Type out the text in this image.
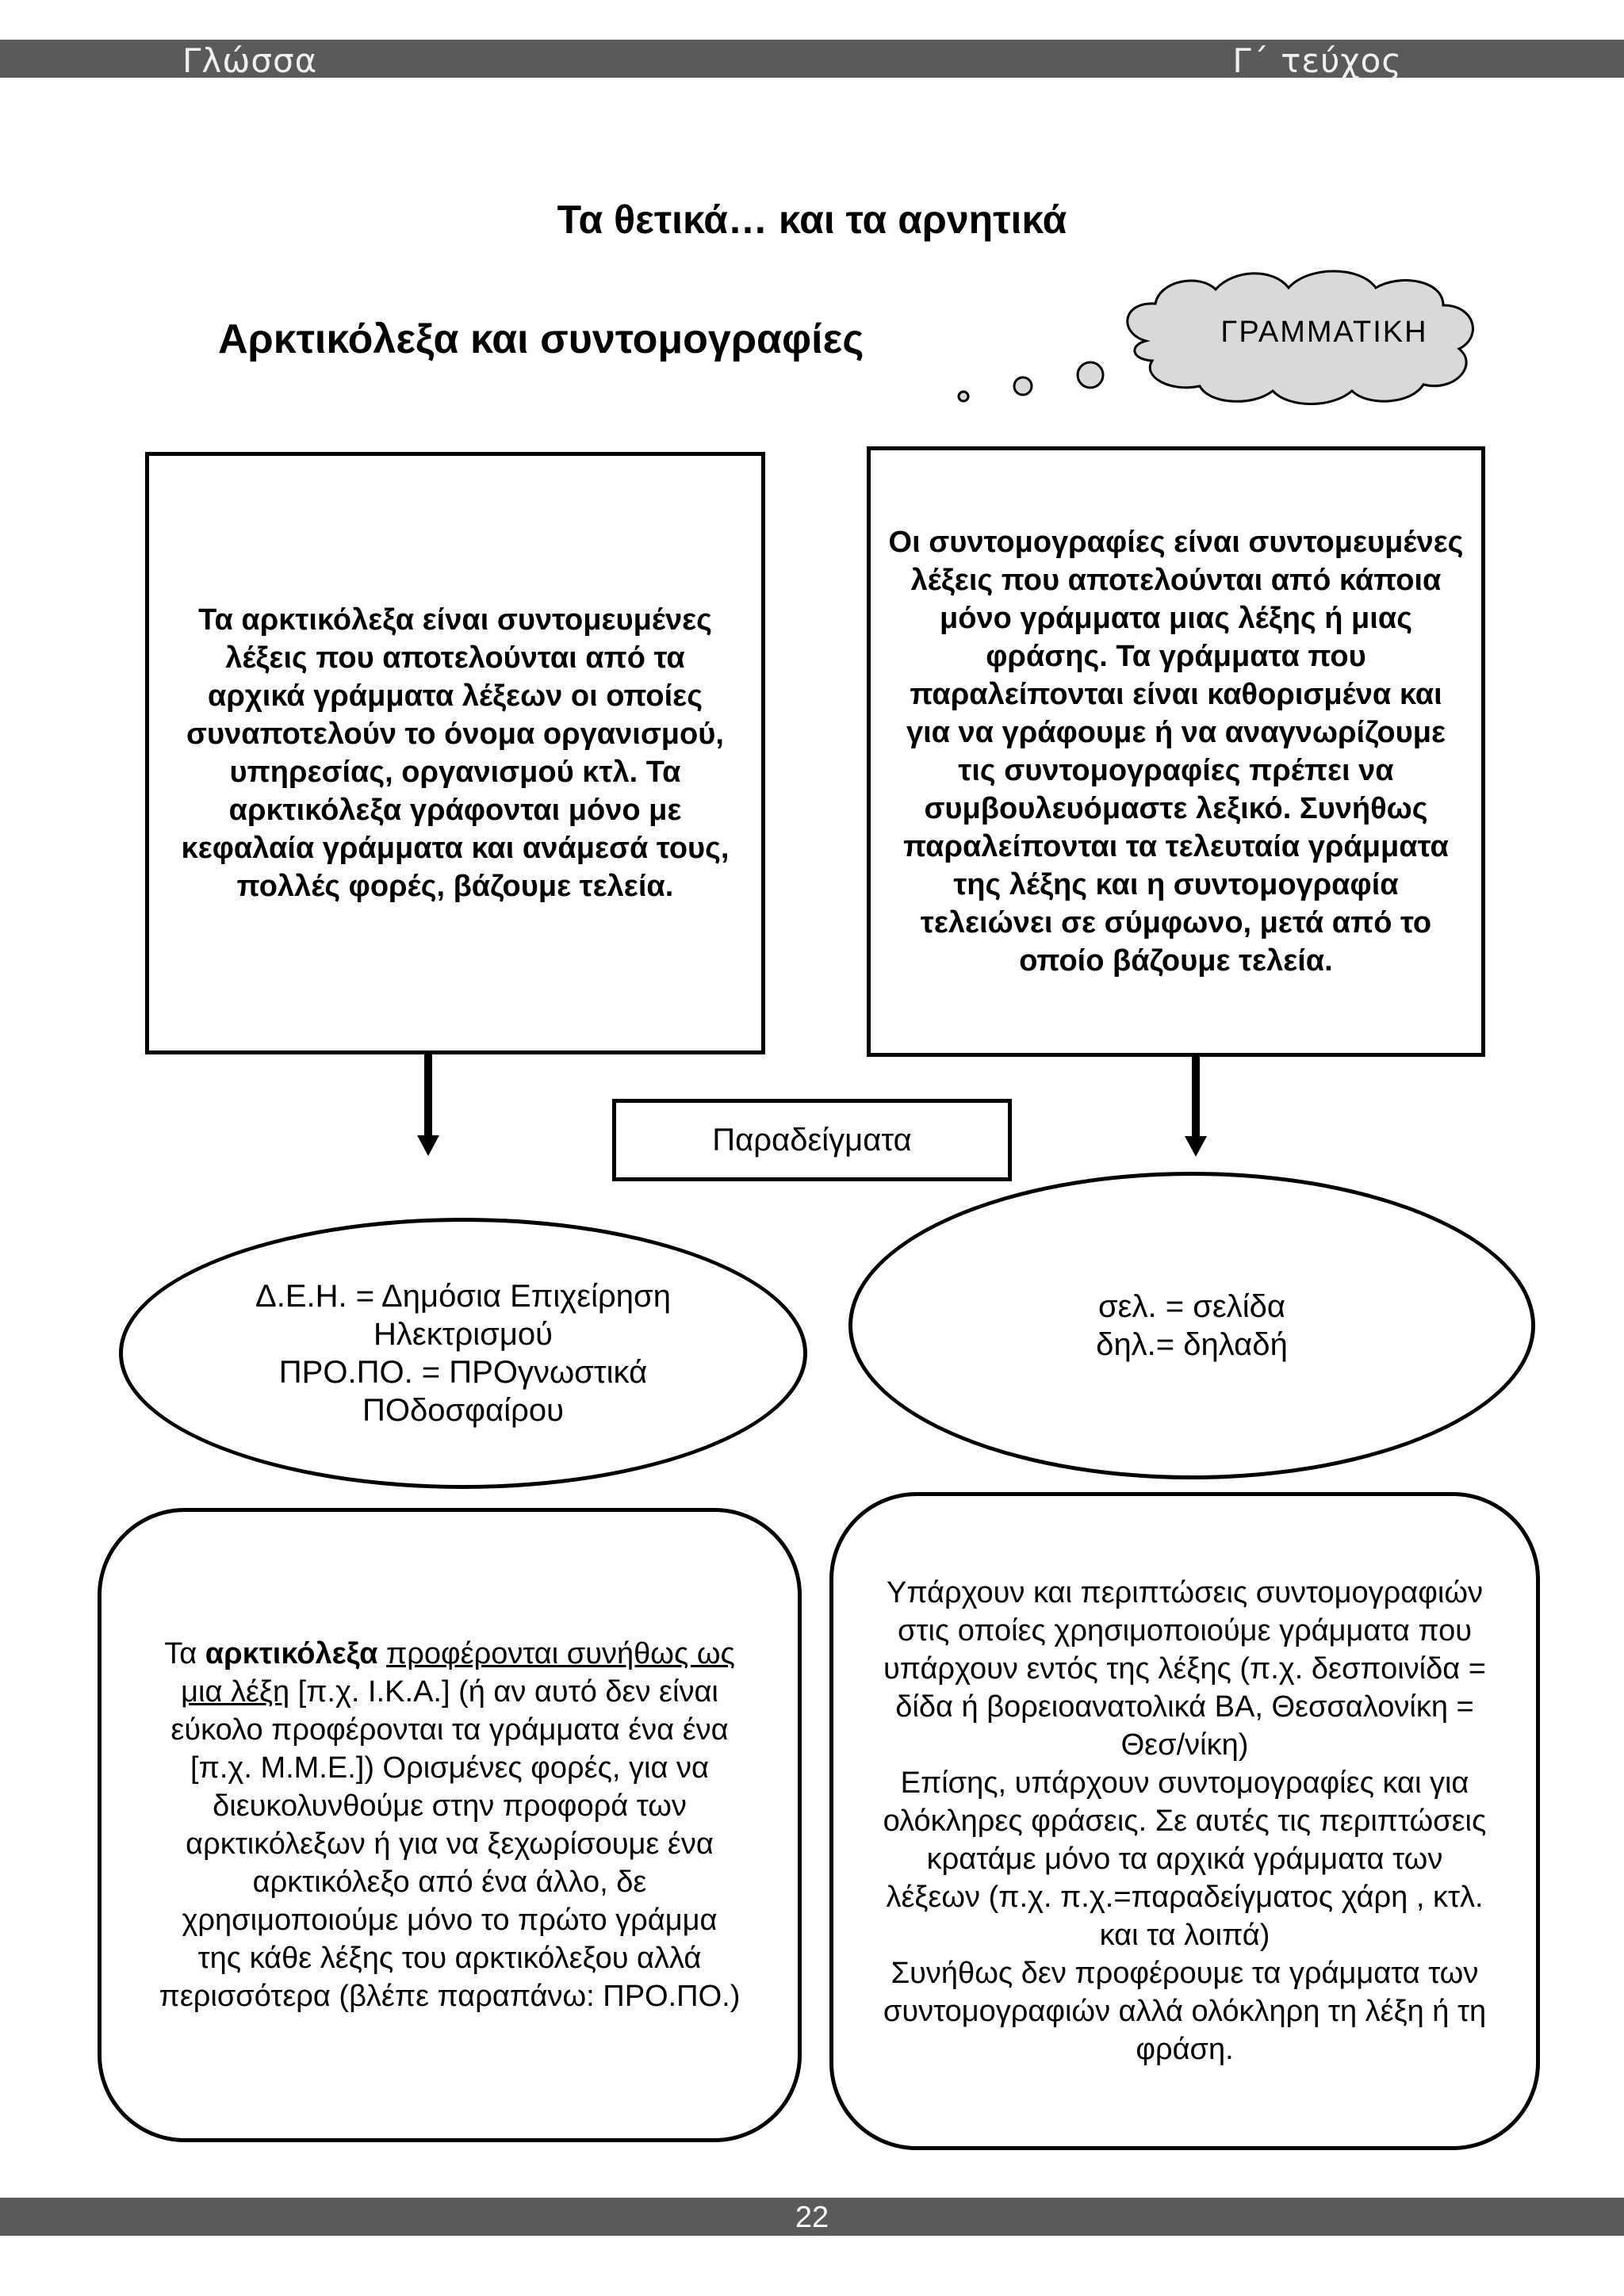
Γλώσσα	Γ΄ τεύχος
Τα θετικά… και τα αρνητικά
Αρκτικόλεξα και συντομογραφίες	ΓΡΑΜΜΑΤΙΚΗ
Τα αρκτικόλεξα είναι συντομευμένες λέξεις που αποτελούνται από τα αρχικά γράμματα λέξεων οι οποίες συναποτελούν το όνομα οργανισμού, υπηρεσίας, οργανισμού κτλ. Τα αρκτικόλεξα γράφονται μόνο με κεφαλαία γράμματα και ανάμεσά τους, πολλές φορές, βάζουμε τελεία.
Οι συντομογραφίες είναι συντομευμένες λέξεις που αποτελούνται από κάποια μόνο γράμματα μιας λέξης ή μιας φράσης. Τα γράμματα που παραλείπονται είναι καθορισμένα και για να γράφουμε ή να αναγνωρίζουμε τις συντομογραφίες πρέπει να συμβουλευόμαστε λεξικό. Συνήθως παραλείπονται τα τελευταία γράμματα της λέξης και η συντομογραφία τελειώνει σε σύμφωνο, μετά από το οποίο βάζουμε τελεία.
Παραδείγματα
Δ.Ε.Η. = Δημόσια Επιχείρηση Ηλεκτρισμού
ΠΡΟ.ΠΟ. = ΠΡΟγνωστικά ΠΟδοσφαίρου
σελ. = σελίδα
δηλ.= δηλαδή

Τα αρκτικόλεξα προφέρονται συνήθως ως μια λέξη [π.χ. Ι.Κ.Α.] (ή αν αυτό δεν είναι εύκολο προφέρονται τα γράμματα ένα ένα [π.χ. Μ.Μ.Ε.]) Ορισμένες φορές, για να διευκολυνθούμε στην προφορά των αρκτικόλεξων ή για να ξεχωρίσουμε ένα αρκτικόλεξο από ένα άλλο, δε χρησιμοποιούμε μόνο το πρώτο γράμμα της κάθε λέξης του αρκτικόλεξου αλλά περισσότερα (βλέπε παραπάνω: ΠΡΟ.ΠΟ.)

Υπάρχουν και περιπτώσεις συντομογραφιών στις οποίες χρησιμοποιούμε γράμματα που υπάρχουν εντός της λέξης (π.χ. δεσποινίδα = δίδα ή βορειοανατολικά ΒΑ, Θεσσαλονίκη = Θεσ/νίκη)

Επίσης, υπάρχουν συντομογραφίες και για ολόκληρες φράσεις. Σε αυτές τις περιπτώσεις κρατάμε μόνο τα αρχικά γράμματα των λέξεων (π.χ. π.χ.=παραδείγματος χάρη , κτλ. και τα λοιπά)

Συνήθως δεν προφέρουμε τα γράμματα των συντομογραφιών αλλά ολόκληρη τη λέξη ή τη φράση.

22
